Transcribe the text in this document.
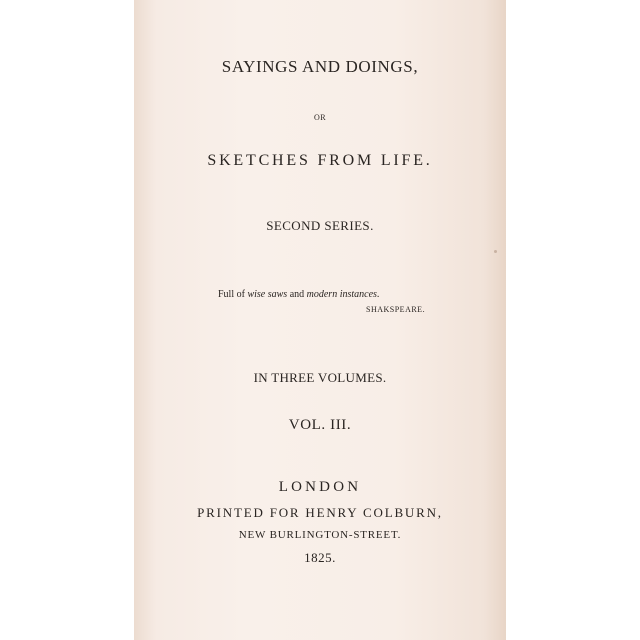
SAYINGS AND DOINGS,
OR
SKETCHES FROM LIFE.
SECOND SERIES.
Full of wise saws and modern instances.
SHAKSPEARE.
IN THREE VOLUMES.
VOL. III.
LONDON
PRINTED FOR HENRY COLBURN,
NEW BURLINGTON-STREET.
1825.
